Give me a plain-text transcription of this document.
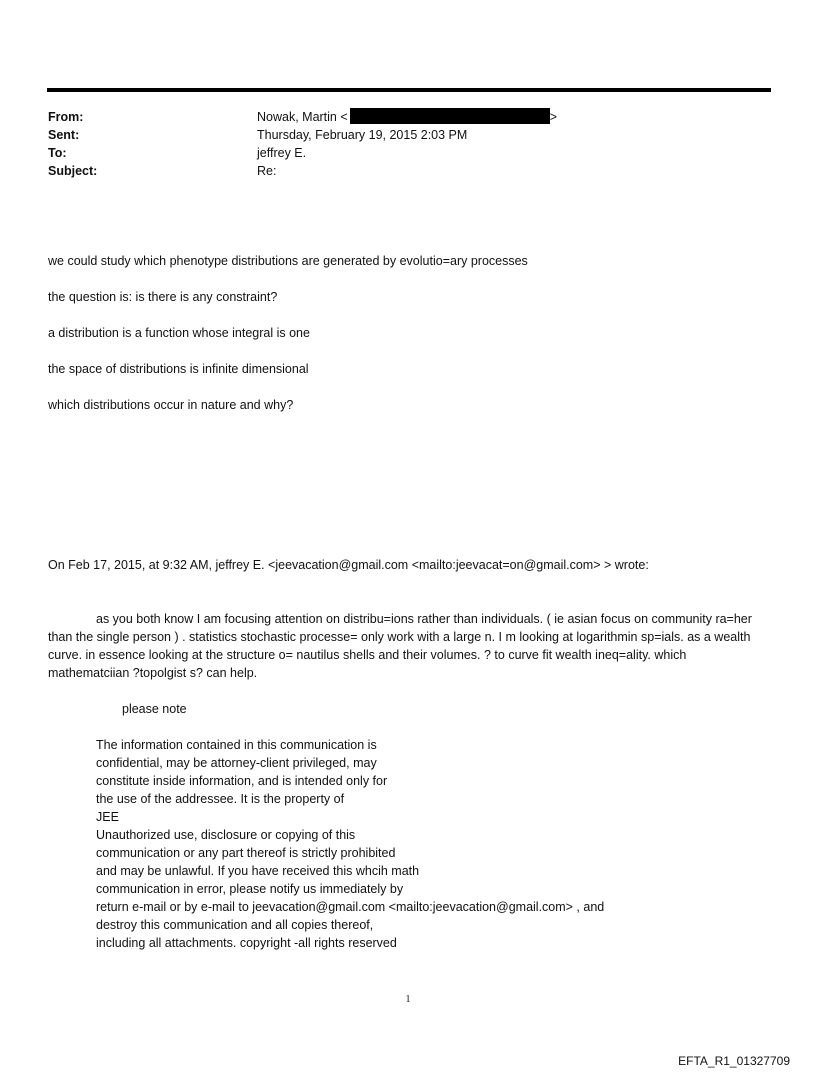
From:	Nowak, Martin <	>
Sent:	Thursday, February 19, 2015 2:03 PM
To:	jeffrey E.
Subject:	Re:
we could study which phenotype distributions are generated by evolutio=ary processes
the question is: is there is any constraint?
a distribution is a function whose integral is one
the space of distributions is infinite dimensional
which distributions occur in nature and why?
On Feb 17, 2015, at 9:32 AM, jeffrey E. <jeevacation@gmail.com <mailto:jeevacat=on@gmail.com> > wrote:
as you both know I am focusing attention on distribu=ions rather than individuals. ( ie asian focus on community ra=her than the single person ) . statistics stochastic processe= only work with a large n. I m looking at logarithmin sp=ials. as a wealth curve. in essence looking at the structure o= nautilus shells and their volumes. ? to curve fit wealth ineq=ality. which mathematciian ?topolgist s? can help.
please note
The information contained in this communication is
confidential, may be attorney-client privileged, may
constitute inside information, and is intended only for
the use of the addressee. It is the property of
JEE
Unauthorized use, disclosure or copying of this
communication or any part thereof is strictly prohibited
and may be unlawful. If you have received this whcih math
communication in error, please notify us immediately by
return e-mail or by e-mail to jeevacation@gmail.com <mailto:jeevacation@gmail.com> , and
destroy this communication and all copies thereof,
including all attachments. copyright -all rights reserved
1
EFTA_R1_01327709
